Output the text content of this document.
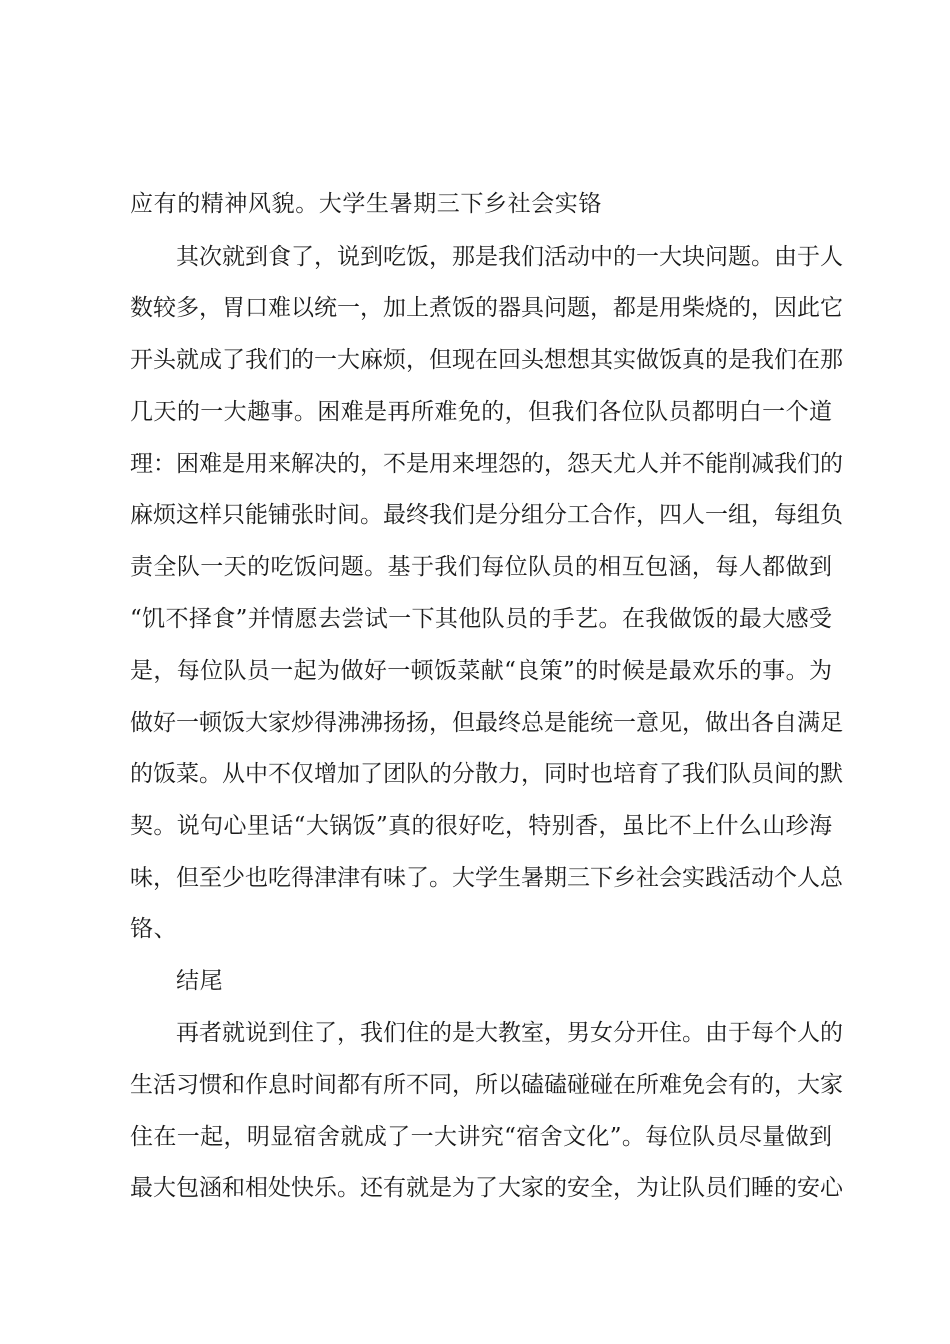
应有的精神风貌。大学生暑期三下乡社会实铬
其次就到食了，说到吃饭，那是我们活动中的一大块问题。由于人
数较多，胃口难以统一，加上煮饭的器具问题，都是用柴烧的，因此它
开头就成了我们的一大麻烦，但现在回头想想其实做饭真的是我们在那
几天的一大趣事。困难是再所难免的，但我们各位队员都明白一个道
理：困难是用来解决的，不是用来埋怨的，怨天尤人并不能削减我们的
麻烦这样只能铺张时间。最终我们是分组分工合作，四人一组，每组负
责全队一天的吃饭问题。基于我们每位队员的相互包涵，每人都做到
“饥不择食”并情愿去尝试一下其他队员的手艺。在我做饭的最大感受
是，每位队员一起为做好一顿饭菜献“良策”的时候是最欢乐的事。为
做好一顿饭大家炒得沸沸扬扬，但最终总是能统一意见，做出各自满足
的饭菜。从中不仅增加了团队的分散力，同时也培育了我们队员间的默
契。说句心里话“大锅饭”真的很好吃，特别香，虽比不上什么山珍海
味，但至少也吃得津津有味了。大学生暑期三下乡社会实践活动个人总
铬、
结尾
再者就说到住了，我们住的是大教室，男女分开住。由于每个人的
生活习惯和作息时间都有所不同，所以磕磕碰碰在所难免会有的，大家
住在一起，明显宿舍就成了一大讲究“宿舍文化”。每位队员尽量做到
最大包涵和相处快乐。还有就是为了大家的安全，为让队员们睡的安心
